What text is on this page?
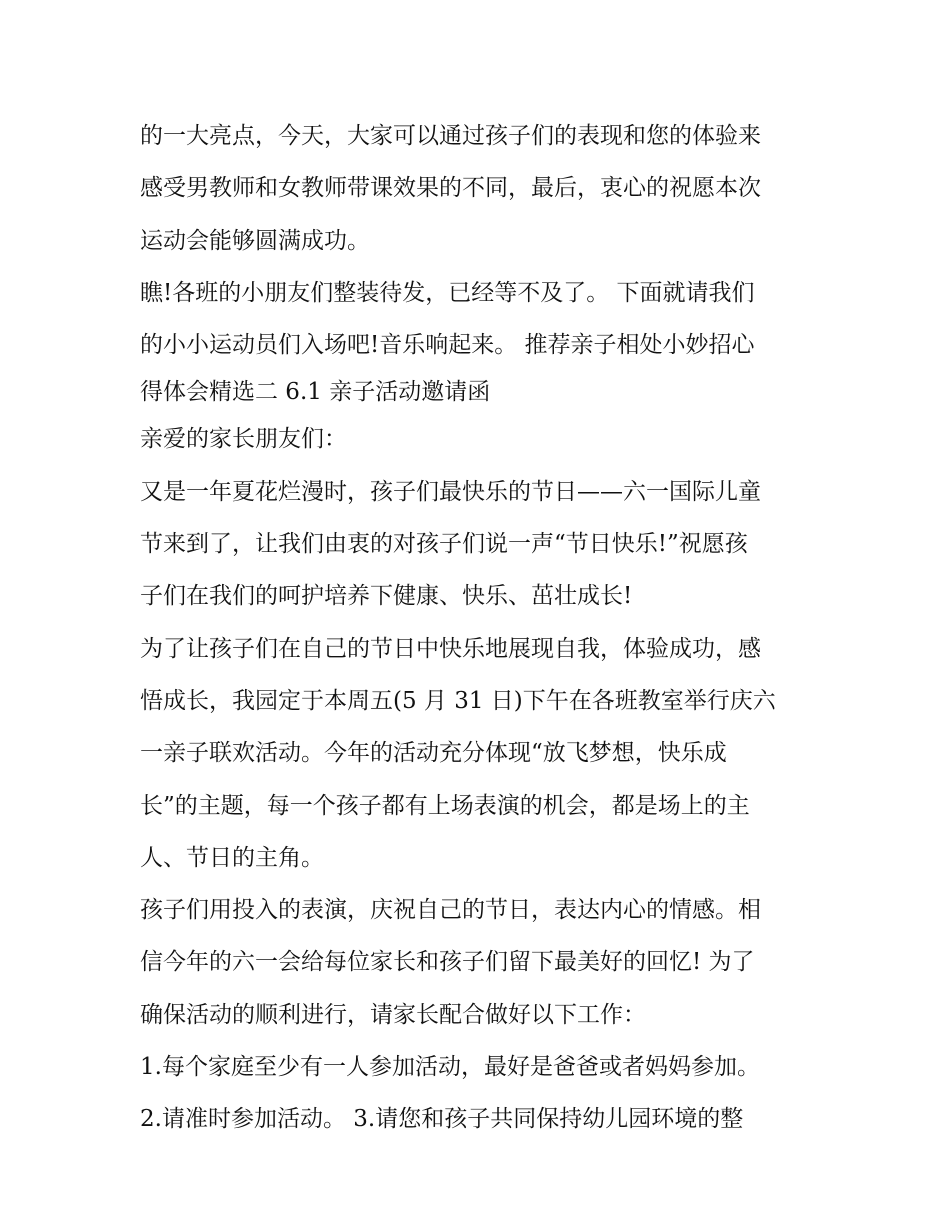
的一大亮点，今天，大家可以通过孩子们的表现和您的体验来
感受男教师和女教师带课效果的不同，最后，衷心的祝愿本次
运动会能够圆满成功。
瞧!各班的小朋友们整装待发，已经等不及了。 下面就请我们
的小小运动员们入场吧!音乐响起来。 推荐亲子相处小妙招心
得体会精选二 6.1 亲子活动邀请函
亲爱的家长朋友们：
又是一年夏花烂漫时，孩子们最快乐的节日——六一国际儿童
节来到了，让我们由衷的对孩子们说一声“节日快乐!”祝愿孩
子们在我们的呵护培养下健康、快乐、茁壮成长!
为了让孩子们在自己的节日中快乐地展现自我，体验成功，感
悟成长，我园定于本周五(5 月 31 日)下午在各班教室举行庆六
一亲子联欢活动。今年的活动充分体现“放飞梦想，快乐成
长”的主题，每一个孩子都有上场表演的机会，都是场上的主
人、节日的主角。
孩子们用投入的表演，庆祝自己的节日，表达内心的情感。相
信今年的六一会给每位家长和孩子们留下最美好的回忆! 为了
确保活动的顺利进行，请家长配合做好以下工作：
1.每个家庭至少有一人参加活动，最好是爸爸或者妈妈参加。
2.请准时参加活动。 3.请您和孩子共同保持幼儿园环境的整
